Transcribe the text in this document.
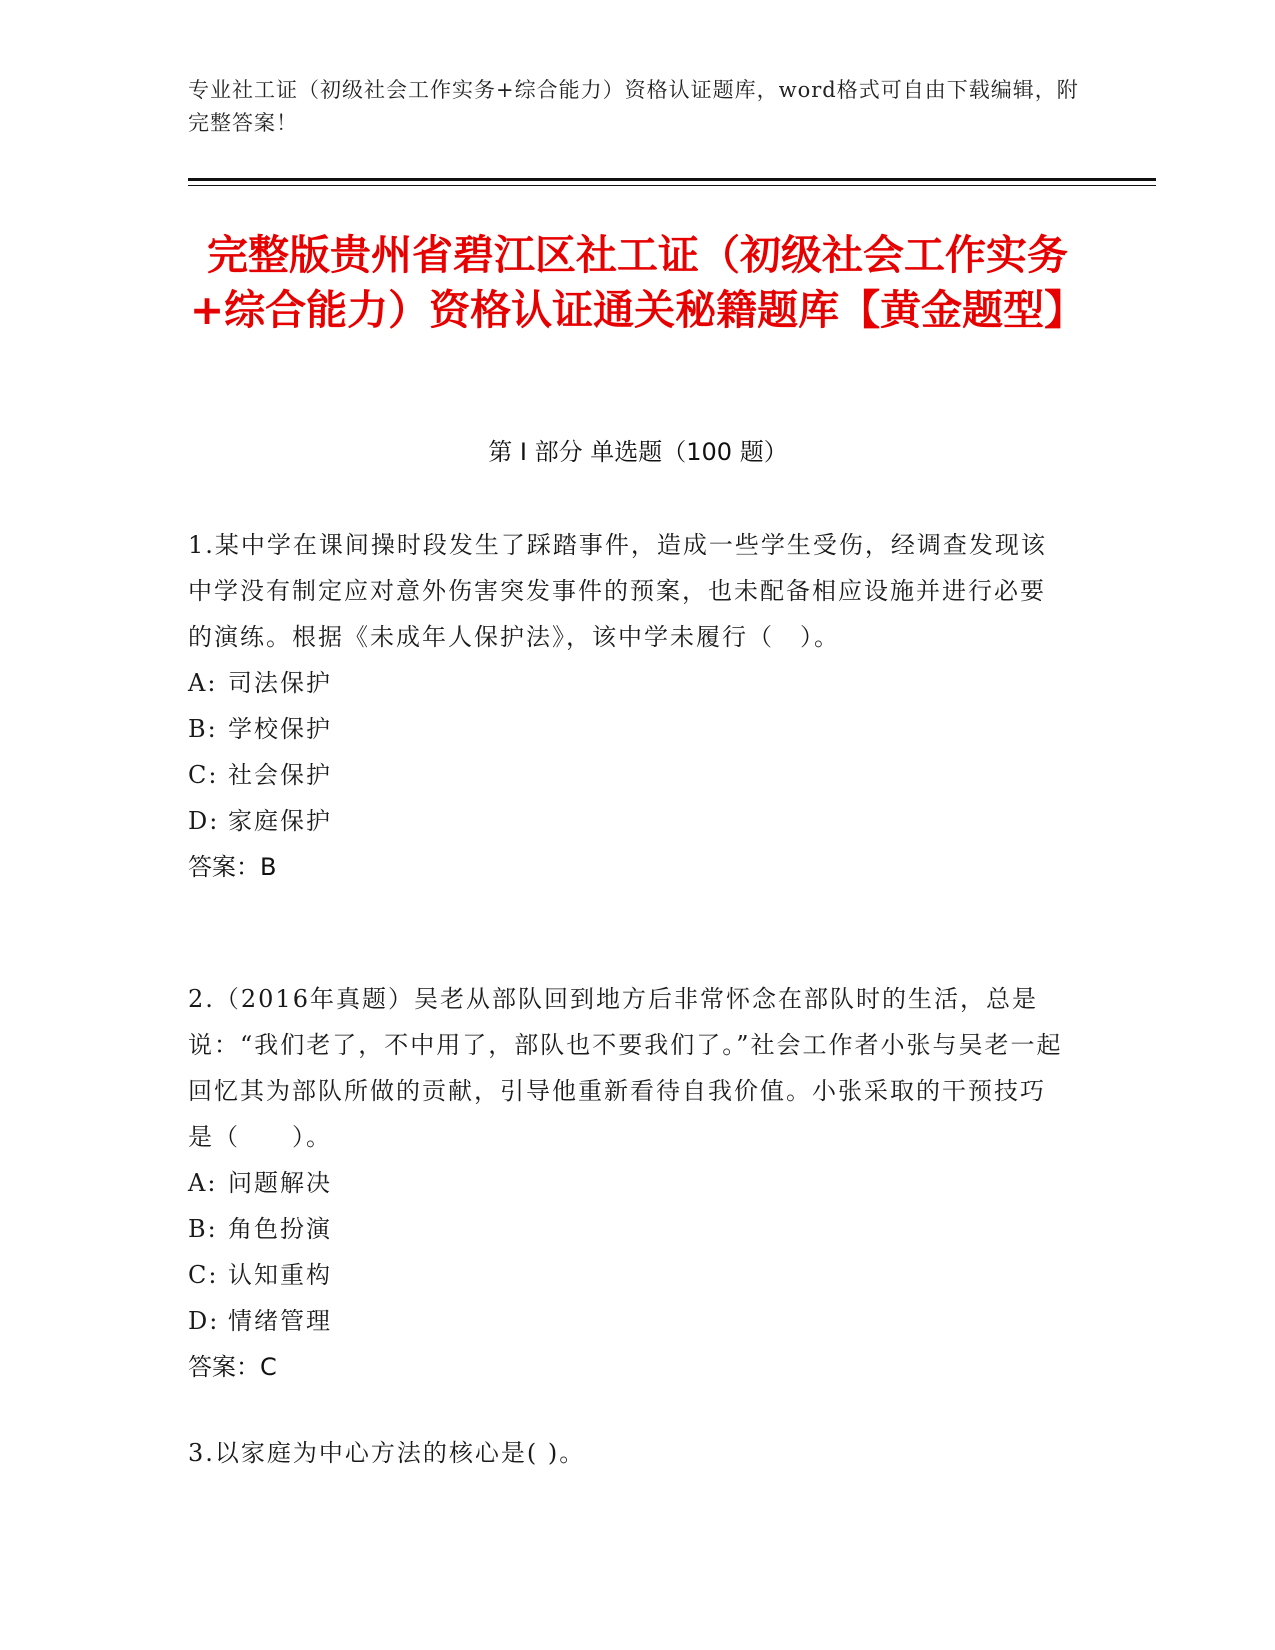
专业社工证（初级社会工作实务+综合能力）资格认证题库，word格式可自由下载编辑，附完整答案！
完整版贵州省碧江区社工证（初级社会工作实务+综合能力）资格认证通关秘籍题库【黄金题型】
第 I 部分 单选题（100 题）
1.某中学在课间操时段发生了踩踏事件，造成一些学生受伤，经调查发现该中学没有制定应对意外伤害突发事件的预案，也未配备相应设施并进行必要的演练。根据《未成年人保护法》，该中学未履行（　）。
A: 司法保护
B: 学校保护
C: 社会保护
D: 家庭保护
答案：B
2.（2016年真题）吴老从部队回到地方后非常怀念在部队时的生活，总是说：“我们老了，不中用了，部队也不要我们了。”社会工作者小张与吴老一起回忆其为部队所做的贡献，引导他重新看待自我价值。小张采取的干预技巧是（　　）。
A: 问题解决
B: 角色扮演
C: 认知重构
D: 情绪管理
答案：C
3.以家庭为中心方法的核心是( )。
